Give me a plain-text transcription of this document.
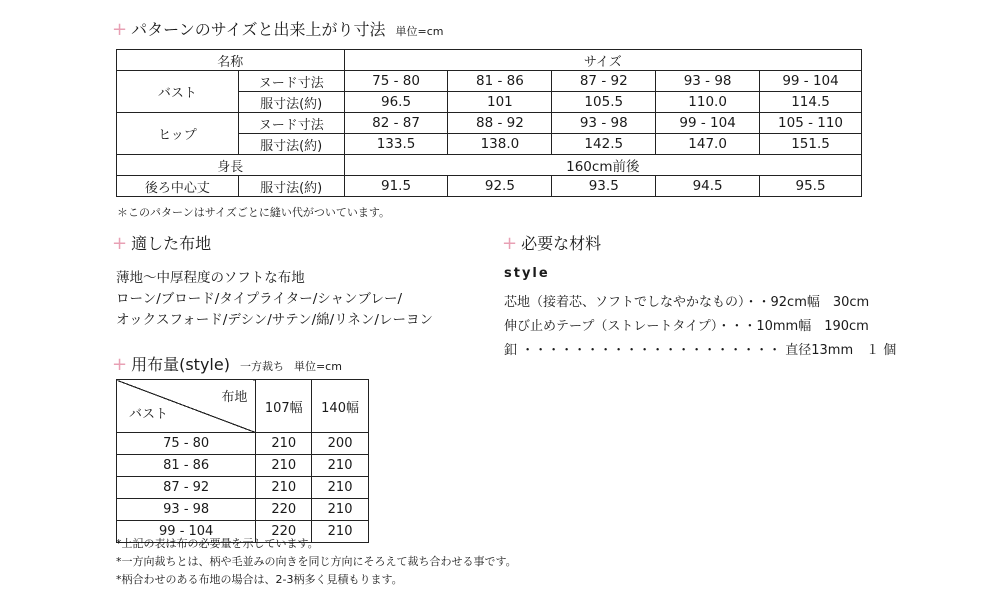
+ パターンのサイズと出来上がり寸法 単位=cm
名称		サイズ				
バスト	ヌード寸法	75 - 80	81 - 86	87 - 92	93 - 98	99 - 104
	服寸法(約)	96.5	101	105.5	110.0	114.5
ヒップ	ヌード寸法	82 - 87	88 - 92	93 - 98	99 - 104	105 - 110
	服寸法(約)	133.5	138.0	142.5	147.0	151.5
身長		160cm前後				
後ろ中心丈	服寸法(約)	91.5	92.5	93.5	94.5	95.5
＊このパターンはサイズごとに縫い代がついています。
+ 適した布地
薄地〜中厚程度のソフトな布地
ローン/ブロード/タイプライター/シャンブレー/
オックスフォード/デシン/サテン/綿/リネン/レーヨン
+ 必要な材料
style
芯地（接着芯、ソフトでしなやかなもの）・・92cm幅　30cm
伸び止めテープ（ストレートタイプ）・・・10mm幅　190cm
釦 ・・・・・・・・・・・・・・・・・・・・ 直径13mm　１ 個
+ 用布量(style) 一方裁ち 単位=cm
布地
バスト	107幅	140幅
75 - 80	210	200
81 - 86	210	210
87 - 92	210	210
93 - 98	220	210
99 - 104	220	210
*上記の表は布の必要量を示しています。
*一方向裁ちとは、柄や毛並みの向きを同じ方向にそろえて裁ち合わせる事です。
*柄合わせのある布地の場合は、2-3柄多く見積もります。
